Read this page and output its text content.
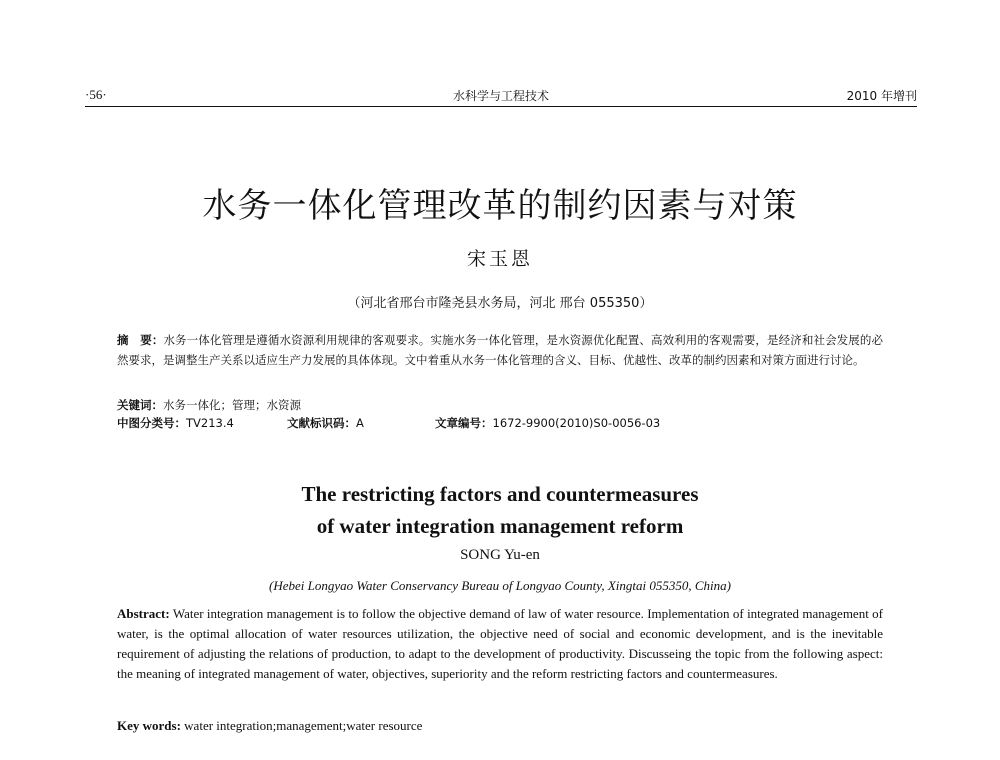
·56·	水科学与工程技术	2010 年增刊
水务一体化管理改革的制约因素与对策
宋玉恩
（河北省邢台市隆尧县水务局，河北 邢台 055350）
摘　要：水务一体化管理是遵循水资源利用规律的客观要求。实施水务一体化管理，是水资源优化配置、高效利用的客观需要，是经济和社会发展的必然要求，是调整生产关系以适应生产力发展的具体体现。文中着重从水务一体化管理的含义、目标、优越性、改革的制约因素和对策方面进行讨论。
关键词：水务一体化；管理；水资源
中图分类号：TV213.4	文献标识码：A	文章编号：1672-9900(2010)S0-0056-03
The restricting factors and countermeasures
of water integration management reform
SONG Yu-en
(Hebei Longyao Water Conservancy Bureau of Longyao County, Xingtai 055350, China)
Abstract: Water integration management is to follow the objective demand of law of water resource. Implementation of integrated management of water, is the optimal allocation of water resources utilization, the objective need of social and economic development, and is the inevitable requirement of adjusting the relations of production, to adapt to the development of productivity. Discusseing the topic from the following aspect: the meaning of integrated management of water, objectives, superiority and the reform restricting factors and countermeasures.
Key words: water integration;management;water resource
